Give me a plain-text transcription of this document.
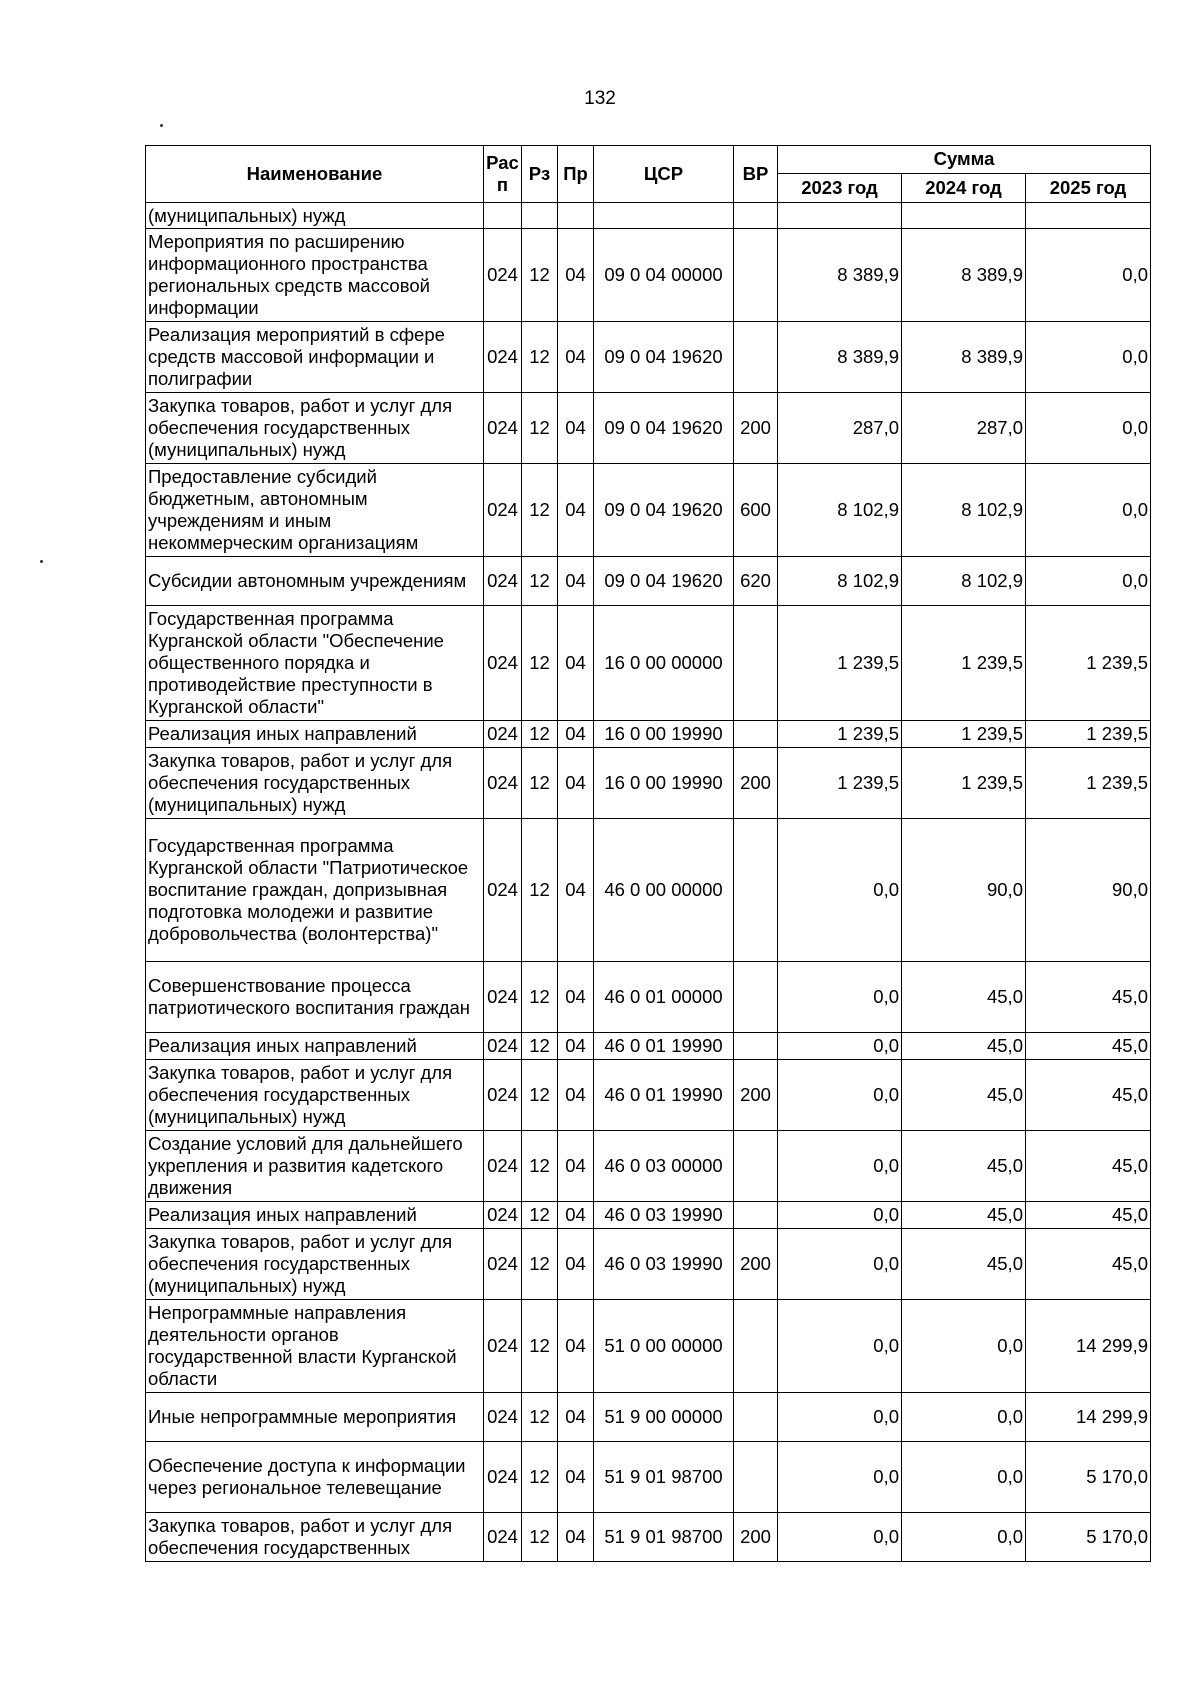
132
Наименование	Рас п	Рз	Пр	ЦСР	ВР	Сумма		
						2023 год	2024 год	2025 год
(муниципальных) нужд								
Мероприятия по расширению информационного пространства региональных средств массовой информации	024	12	04	09 0 04 00000		8 389,9	8 389,9	0,0
Реализация мероприятий в сфере средств массовой информации и полиграфии	024	12	04	09 0 04 19620		8 389,9	8 389,9	0,0
Закупка товаров, работ и услуг для обеспечения государственных (муниципальных) нужд	024	12	04	09 0 04 19620	200	287,0	287,0	0,0
Предоставление субсидий бюджетным, автономным учреждениям и иным некоммерческим организациям	024	12	04	09 0 04 19620	600	8 102,9	8 102,9	0,0
Субсидии автономным учреждениям	024	12	04	09 0 04 19620	620	8 102,9	8 102,9	0,0
Государственная программа Курганской области "Обеспечение общественного порядка и противодействие преступности в Курганской области"	024	12	04	16 0 00 00000		1 239,5	1 239,5	1 239,5
Реализация иных направлений	024	12	04	16 0 00 19990		1 239,5	1 239,5	1 239,5
Закупка товаров, работ и услуг для обеспечения государственных (муниципальных) нужд	024	12	04	16 0 00 19990	200	1 239,5	1 239,5	1 239,5
Государственная программа Курганской области "Патриотическое воспитание граждан, допризывная подготовка молодежи и развитие добровольчества (волонтерства)"	024	12	04	46 0 00 00000		0,0	90,0	90,0
Совершенствование процесса патриотического воспитания граждан	024	12	04	46 0 01 00000		0,0	45,0	45,0
Реализация иных направлений	024	12	04	46 0 01 19990		0,0	45,0	45,0
Закупка товаров, работ и услуг для обеспечения государственных (муниципальных) нужд	024	12	04	46 0 01 19990	200	0,0	45,0	45,0
Создание условий для дальнейшего укрепления и развития кадетского движения	024	12	04	46 0 03 00000		0,0	45,0	45,0
Реализация иных направлений	024	12	04	46 0 03 19990		0,0	45,0	45,0
Закупка товаров, работ и услуг для обеспечения государственных (муниципальных) нужд	024	12	04	46 0 03 19990	200	0,0	45,0	45,0
Непрограммные направления деятельности органов государственной власти Курганской области	024	12	04	51 0 00 00000		0,0	0,0	14 299,9
Иные непрограммные мероприятия	024	12	04	51 9 00 00000		0,0	0,0	14 299,9
Обеспечение доступа к информации через региональное телевещание	024	12	04	51 9 01 98700		0,0	0,0	5 170,0
Закупка товаров, работ и услуг для обеспечения государственных	024	12	04	51 9 01 98700	200	0,0	0,0	5 170,0
